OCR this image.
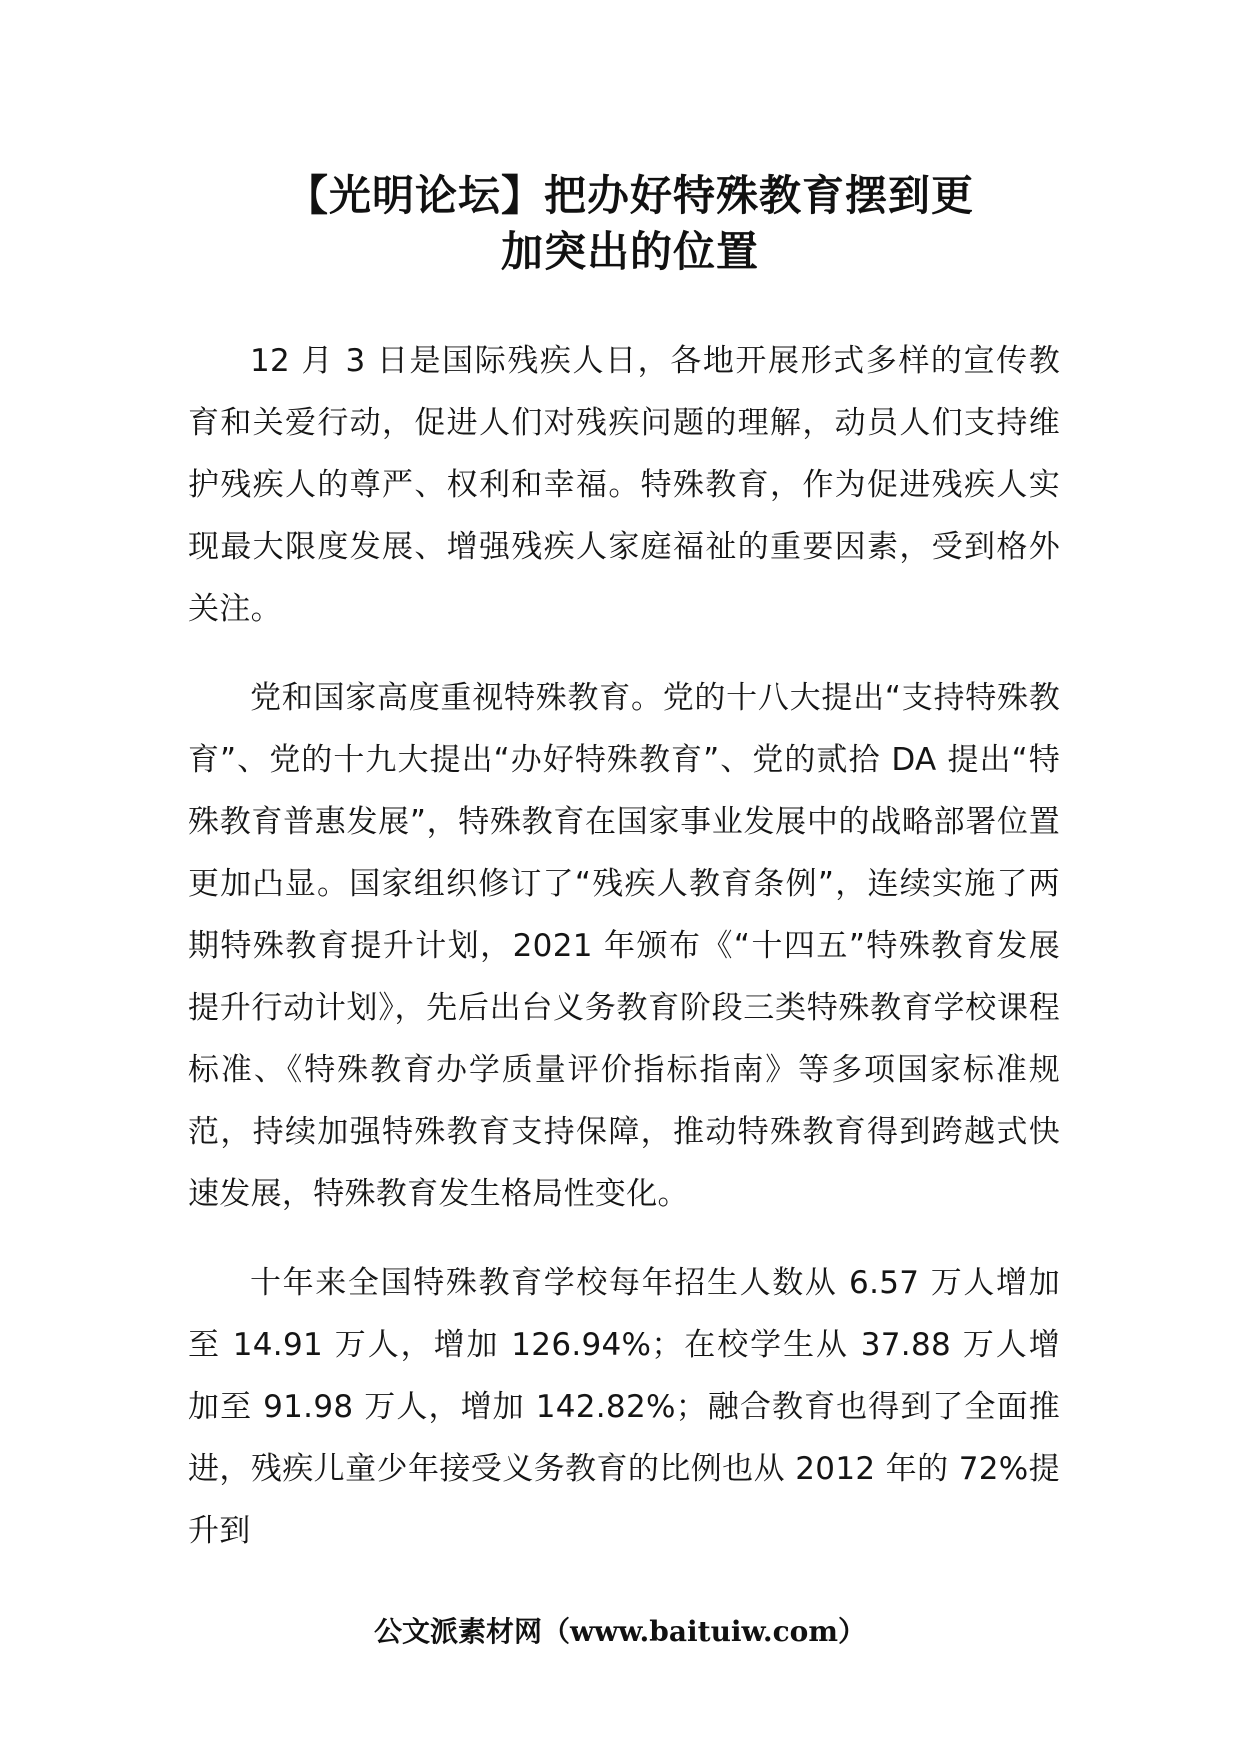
【光明论坛】把办好特殊教育摆到更
加突出的位置

12 月 3 日是国际残疾人日，各地开展形式多样的宣传教育和关爱行动，促进人们对残疾问题的理解，动员人们支持维护残疾人的尊严、权利和幸福。特殊教育，作为促进残疾人实现最大限度发展、增强残疾人家庭福祉的重要因素，受到格外关注。

党和国家高度重视特殊教育。党的十八大提出“支持特殊教育”、党的十九大提出“办好特殊教育”、党的贰拾 DA 提出“特殊教育普惠发展”，特殊教育在国家事业发展中的战略部署位置更加凸显。国家组织修订了“残疾人教育条例”，连续实施了两期特殊教育提升计划，2021 年颁布《“十四五”特殊教育发展提升行动计划》，先后出台义务教育阶段三类特殊教育学校课程标准、《特殊教育办学质量评价指标指南》等多项国家标准规范，持续加强特殊教育支持保障，推动特殊教育得到跨越式快速发展，特殊教育发生格局性变化。

十年来全国特殊教育学校每年招生人数从 6.57 万人增加至 14.91 万人，增加 126.94%；在校学生从 37.88 万人增加至 91.98 万人，增加 142.82%；融合教育也得到了全面推进，残疾儿童少年接受义务教育的比例也从 2012 年的 72%提升到

公文派素材网（www.baituiw.com）
